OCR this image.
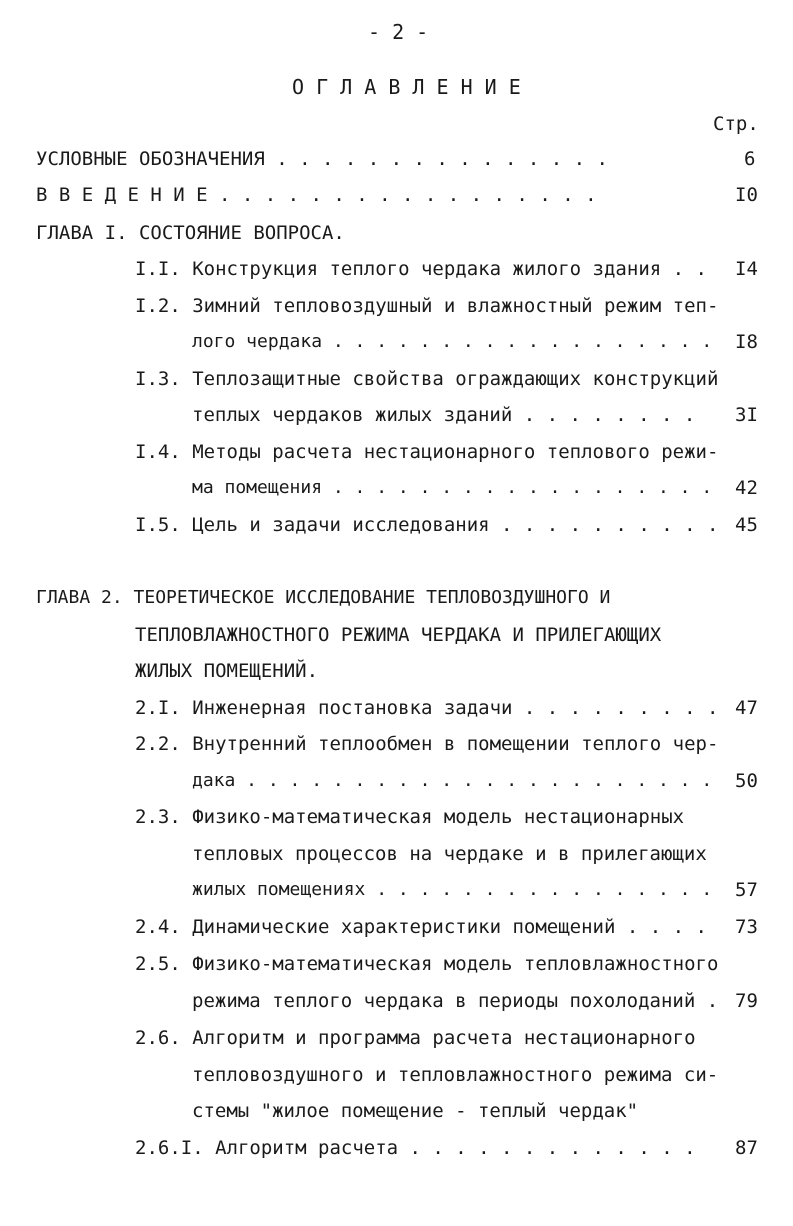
- 2 -
О Г Л А В Л Е Н И Е
Стр.
УСЛОВНЫЕ ОБОЗНАЧЕНИЯ . . . . . . . . . . . . . . .	6
В В Е Д Е Н И Е . . . . . . . . . . . . . . . . .	I0
ГЛАВА I. СОСТОЯНИЕ ВОПРОСА.
I.I. Конструкция теплого чердака жилого здания . . I4
I.2. Зимний тепловоздушный и влажностный режим теп-
лого чердака . . . . . . . . . . . . . . . . . . I8
I.3. Теплозащитные свойства ограждающих конструкций
теплых чердаков жилых зданий . . . . . . . . 3I
I.4. Методы расчета нестационарного теплового режи-
ма помещения . . . . . . . . . . . . . . . . . . 42
I.5. Цель и задачи исследования . . . . . . . . . . 45
ГЛАВА 2. ТЕОРЕТИЧЕСКОЕ ИССЛЕДОВАНИЕ ТЕПЛОВОЗДУШНОГО И
ТЕПЛОВЛАЖНОСТНОГО РЕЖИМА ЧЕРДАКА И ПРИЛЕГАЮЩИХ
ЖИЛЫХ ПОМЕЩЕНИЙ.
2.I. Инженерная постановка задачи . . . . . . . . . 47
2.2. Внутренний теплообмен в помещении теплого чер-
дака . . . . . . . . . . . . . . . . . . . . . . 50
2.3. Физико-математическая модель нестационарных
тепловых процессов на чердаке и в прилегающих
жилых помещениях . . . . . . . . . . . . . . . . 57
2.4. Динамические характеристики помещений . . . . 73
2.5. Физико-математическая модель тепловлажностного
режима теплого чердака в периоды похолоданий . 79
2.6. Алгоритм и программа расчета нестационарного
тепловоздушного и тепловлажностного режима си-
стемы "жилое помещение - теплый чердак"
2.6.I. Алгоритм расчета . . . . . . . . . . . . . 87
